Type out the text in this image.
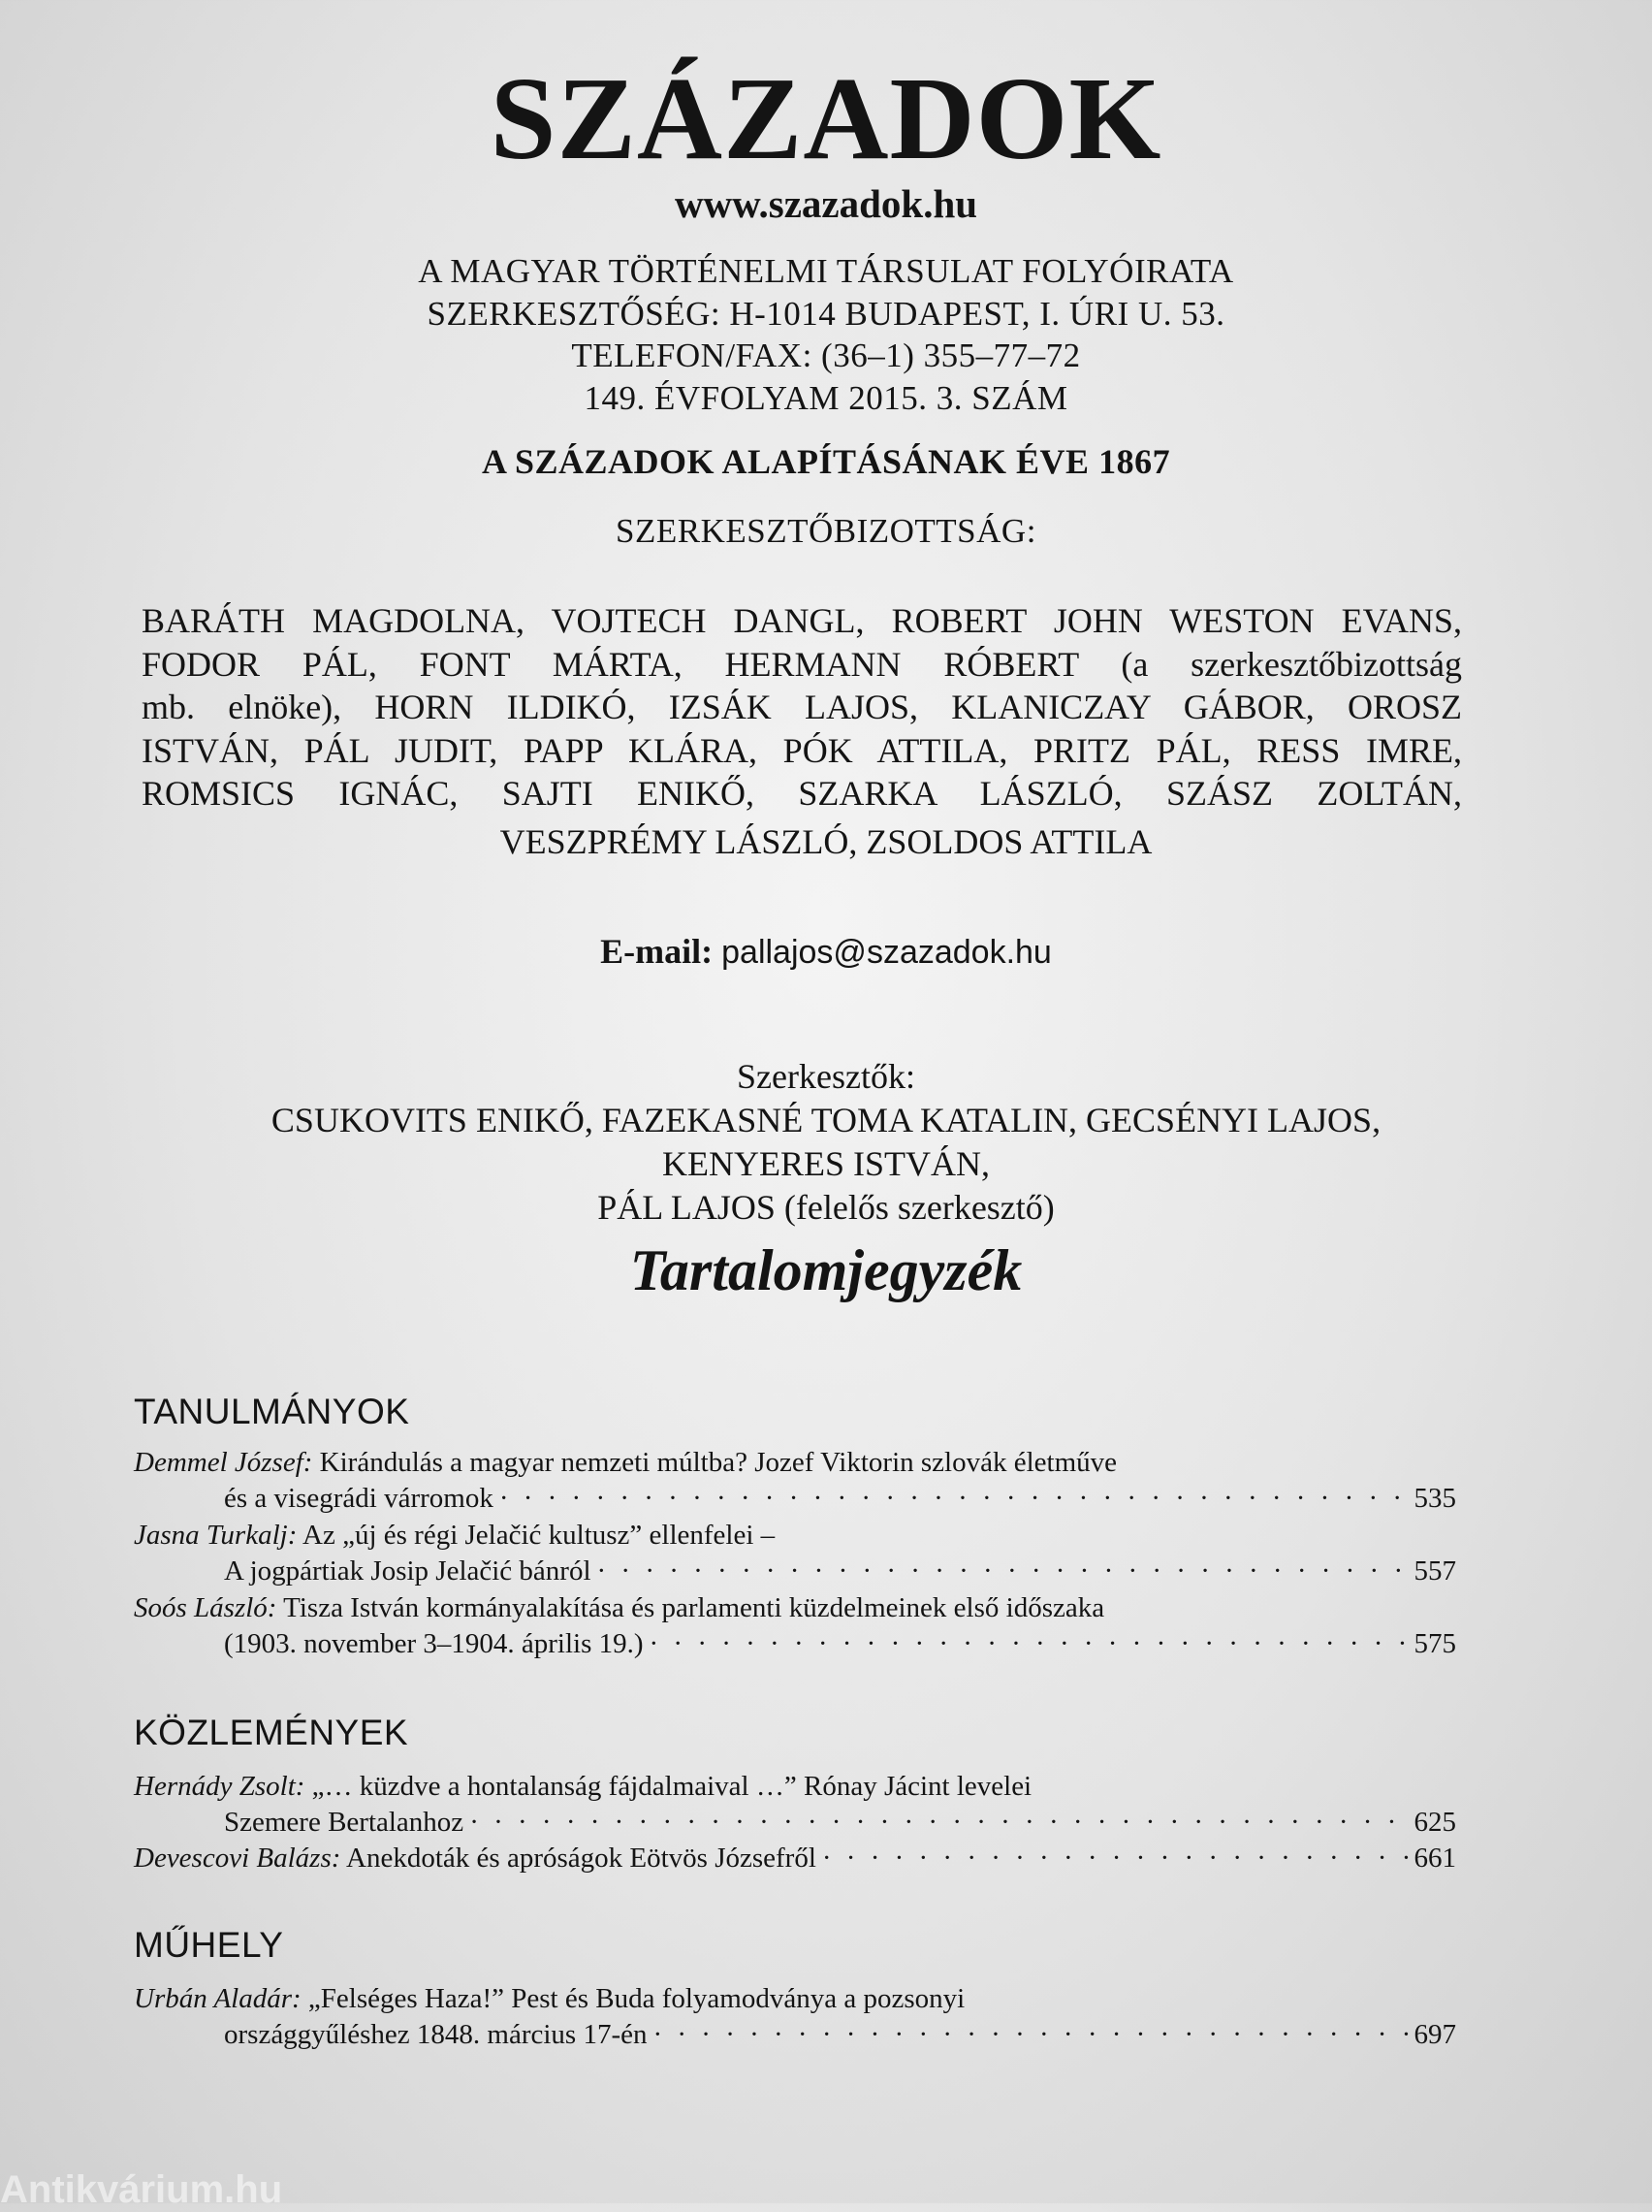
SZÁZADOK
www.szazadok.hu
A MAGYAR TÖRTÉNELMI TÁRSULAT FOLYÓIRATA
SZERKESZTŐSÉG: H-1014 BUDAPEST, I. ÚRI U. 53.
TELEFON/FAX: (36–1) 355–77–72
149. ÉVFOLYAM 2015. 3. SZÁM
A SZÁZADOK ALAPÍTÁSÁNAK ÉVE 1867
SZERKESZTŐBIZOTTSÁG:
BARÁTH MAGDOLNA, VOJTECH DANGL, ROBERT JOHN WESTON EVANS,
FODOR PÁL, FONT MÁRTA, HERMANN RÓBERT (a szerkesztőbizottság
mb. elnöke), HORN ILDIKÓ, IZSÁK LAJOS, KLANICZAY GÁBOR, OROSZ
ISTVÁN, PÁL JUDIT, PAPP KLÁRA, PÓK ATTILA, PRITZ PÁL, RESS IMRE,
ROMSICS IGNÁC, SAJTI ENIKŐ, SZARKA LÁSZLÓ, SZÁSZ ZOLTÁN,
VESZPRÉMY LÁSZLÓ, ZSOLDOS ATTILA
E-mail: pallajos@szazadok.hu
Szerkesztők:
CSUKOVITS ENIKŐ, FAZEKASNÉ TOMA KATALIN, GECSÉNYI LAJOS,
KENYERES ISTVÁN,
PÁL LAJOS (felelős szerkesztő)
Tartalomjegyzék
TANULMÁNYOK
Demmel József: Kirándulás a magyar nemzeti múltba? Jozef Viktorin szlovák életműve
és a visegrádi várromok · · ·	535
Jasna Turkalj: Az „új és régi Jelačić kultusz” ellenfelei –
A jogpártiak Josip Jelačić bánról · · ·	557
Soós László: Tisza István kormányalakítása és parlamenti küzdelmeinek első időszaka
(1903. november 3–1904. április 19.) · · ·	575
KÖZLEMÉNYEK
Hernády Zsolt: „… küzdve a hontalanság fájdalmaival …” Rónay Jácint levelei
Szemere Bertalanhoz · · ·	625
Devescovi Balázs: Anekdoták és apróságok Eötvös Józsefről · · ·	661
MŰHELY
Urbán Aladár: „Felséges Haza!” Pest és Buda folyamodványa a pozsonyi
országgyűléshez 1848. március 17-én · · ·	697
Antikvárium.hu
